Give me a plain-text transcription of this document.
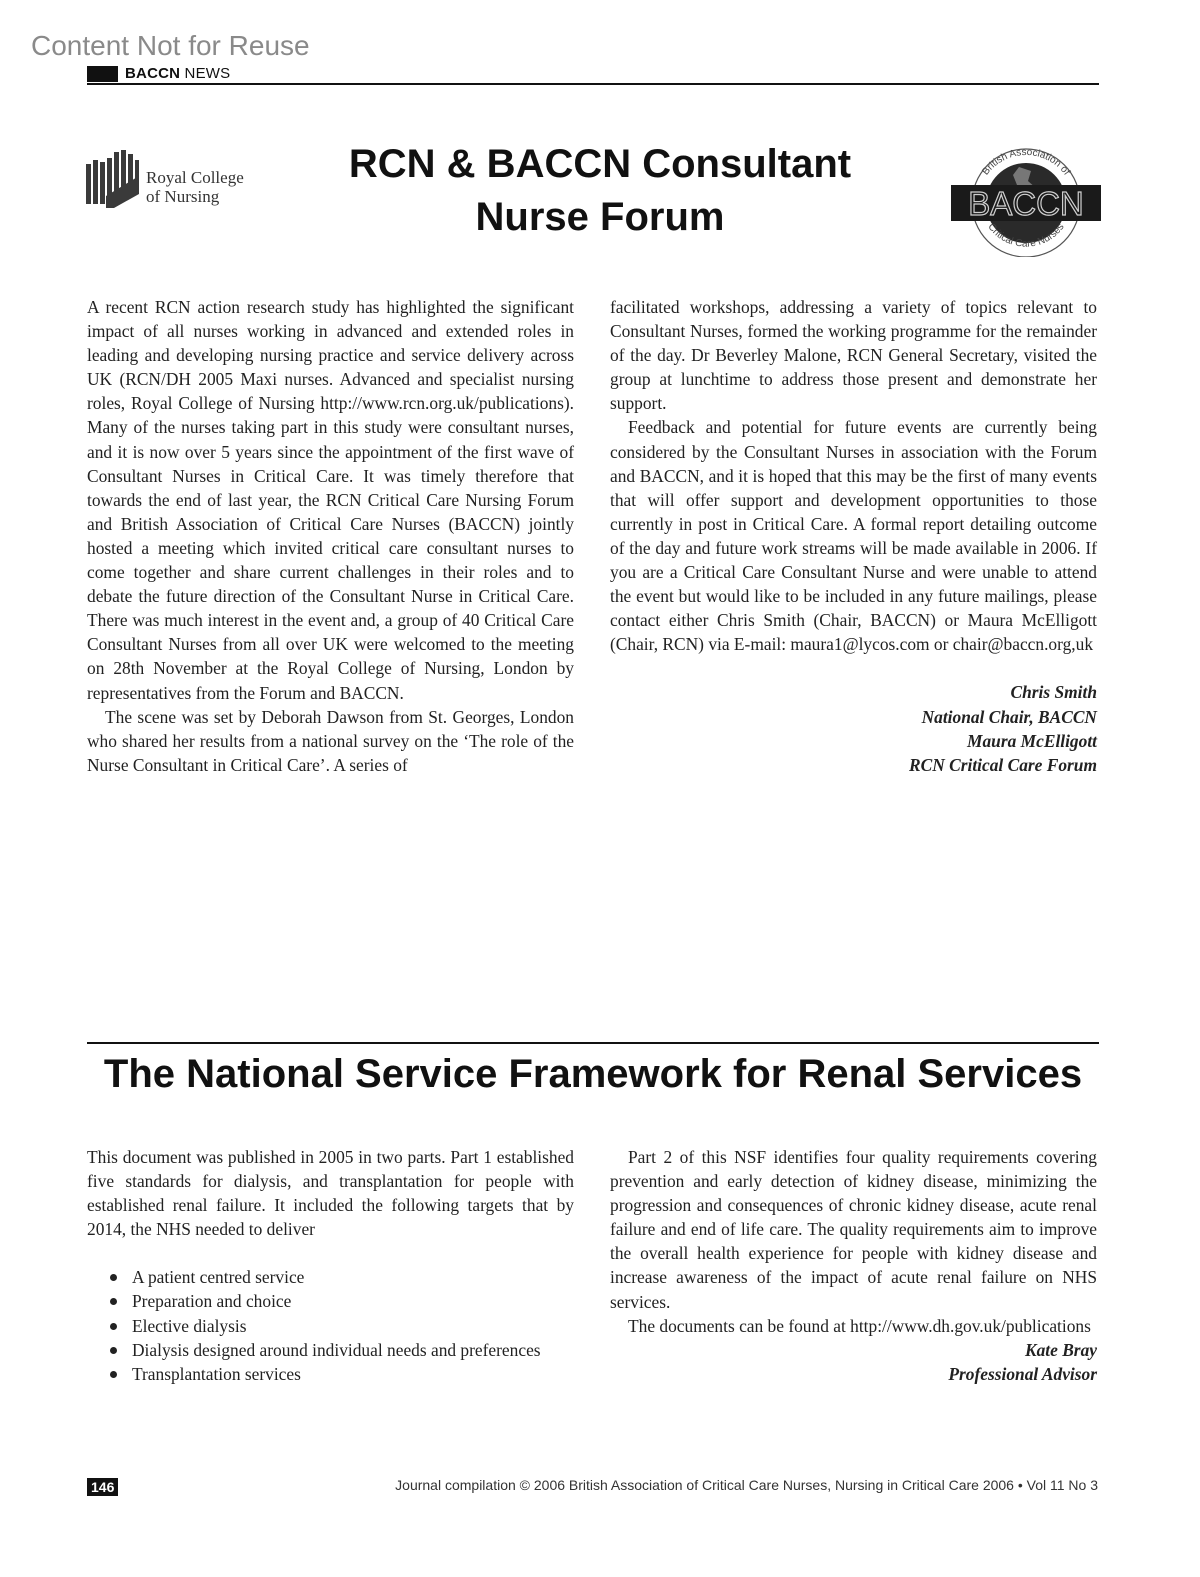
Content Not for Reuse
BACCN NEWS
Royal College
of Nursing
RCN & BACCN Consultant
Nurse Forum	BACCN
British Association of
Critical Care Nurses

A recent RCN action research study has highlighted the significant impact of all nurses working in advanced and extended roles in leading and developing nursing practice and service delivery across UK (RCN/DH 2005 Maxi nurses. Advanced and specialist nursing roles, Royal College of Nursing http://www.rcn.org.uk/publications). Many of the nurses taking part in this study were consultant nurses, and it is now over 5 years since the appointment of the first wave of Consultant Nurses in Critical Care. It was timely therefore that towards the end of last year, the RCN Critical Care Nursing Forum and British Association of Critical Care Nurses (BACCN) jointly hosted a meeting which invited critical care consultant nurses to come together and share current challenges in their roles and to debate the future direction of the Consultant Nurse in Critical Care. There was much interest in the event and, a group of 40 Critical Care Consultant Nurses from all over UK were welcomed to the meeting on 28th November at the Royal College of Nursing, London by representatives from the Forum and BACCN.

The scene was set by Deborah Dawson from St. Georges, London who shared her results from a national survey on the ‘The role of the Nurse Consultant in Critical Care’. A series of

facilitated workshops, addressing a variety of topics relevant to Consultant Nurses, formed the working programme for the remainder of the day. Dr Beverley Malone, RCN General Secretary, visited the group at lunchtime to address those present and demonstrate her support.

Feedback and potential for future events are currently being considered by the Consultant Nurses in association with the Forum and BACCN, and it is hoped that this may be the first of many events that will offer support and development opportunities to those currently in post in Critical Care. A formal report detailing outcome of the day and future work streams will be made available in 2006. If you are a Critical Care Consultant Nurse and were unable to attend the event but would like to be included in any future mailings, please contact either Chris Smith (Chair, BACCN) or Maura McElligott (Chair, RCN) via E-mail: maura1@lycos.com or chair@baccn.org,uk

Chris Smith
National Chair, BACCN
Maura McElligott
RCN Critical Care Forum
The National Service Framework for Renal Services

This document was published in 2005 in two parts. Part 1 established five standards for dialysis, and transplantation for people with established renal failure. It included the following targets that by 2014, the NHS needed to deliver

A patient centred service
Preparation and choice
Elective dialysis
Dialysis designed around individual needs and preferences
Transplantation services

Part 2 of this NSF identifies four quality requirements covering prevention and early detection of kidney disease, minimizing the progression and consequences of chronic kidney disease, acute renal failure and end of life care. The quality requirements aim to improve the overall health experience for people with kidney disease and increase awareness of the impact of acute renal failure on NHS services.

The documents can be found at http://www.dh.gov.uk/publications

Kate Bray
Professional Advisor
146	Journal compilation © 2006 British Association of Critical Care Nurses, Nursing in Critical Care 2006 • Vol 11 No 3
